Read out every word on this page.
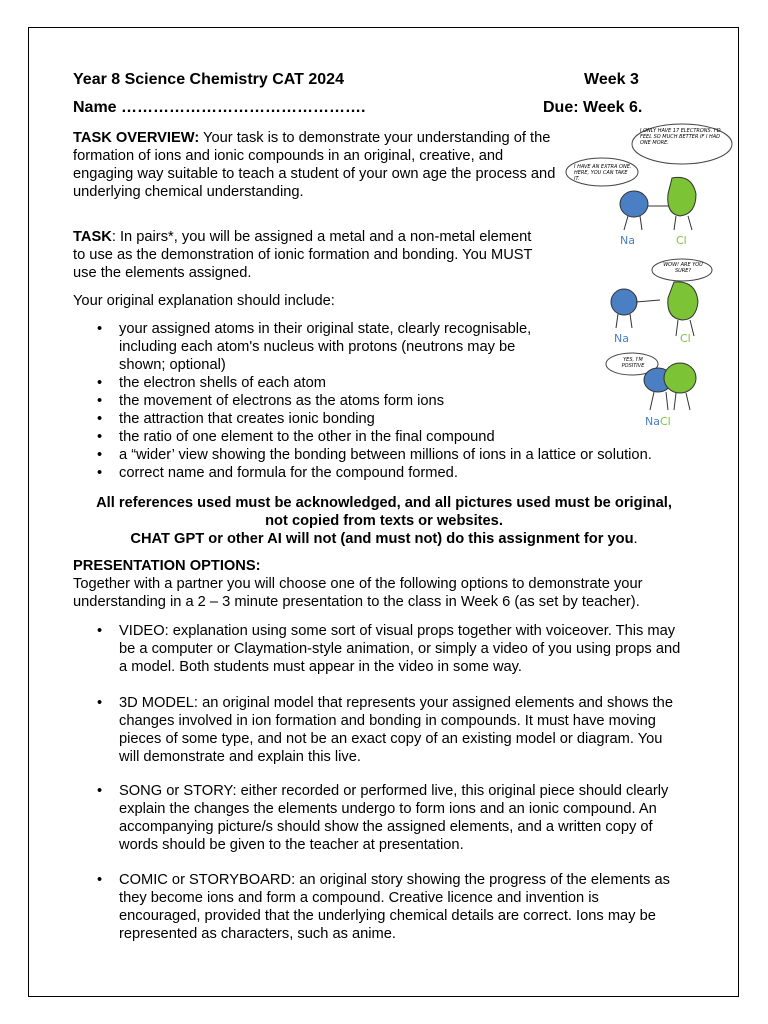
Year 8 Science Chemistry CAT 2024	Week 3
Name ……………………………………….	Due: Week 6.
TASK OVERVIEW: Your task is to demonstrate your understanding of the formation of ions and ionic compounds in an original, creative, and engaging way suitable to teach a student of your own age the process and underlying chemical understanding.
TASK: In pairs*, you will be assigned a metal and a non-metal element to use as the demonstration of ionic formation and bonding. You MUST use the elements assigned.
Your original explanation should include:
• your assigned atoms in their original state, clearly recognisable, including each atom's nucleus with protons (neutrons may be shown; optional)
• the electron shells of each atom
• the movement of electrons as the atoms form ions
• the attraction that creates ionic bonding
• the ratio of one element to the other in the final compound
• a “wider’ view showing the bonding between millions of ions in a lattice or solution.
• correct name and formula for the compound formed.
All references used must be acknowledged, and all pictures used must be original,
not copied from texts or websites.
CHAT GPT or other AI will not (and must not) do this assignment for you.
PRESENTATION OPTIONS:
Together with a partner you will choose one of the following options to demonstrate your understanding in a 2 – 3 minute presentation to the class in Week 6 (as set by teacher).
• VIDEO: explanation using some sort of visual props together with voiceover. This may be a computer or Claymation-style animation, or simply a video of you using props and a model. Both students must appear in the video in some way.
• 3D MODEL: an original model that represents your assigned elements and shows the changes involved in ion formation and bonding in compounds. It must have moving pieces of some type, and not be an exact copy of an existing model or diagram. You will demonstrate and explain this live.
• SONG or STORY: either recorded or performed live, this original piece should clearly explain the changes the elements undergo to form ions and an ionic compound. An accompanying picture/s should show the assigned elements, and a written copy of words should be given to the teacher at presentation.
• COMIC or STORYBOARD: an original story showing the progress of the elements as they become ions and form a compound. Creative licence and invention is encouraged, provided that the underlying chemical details are correct. Ions may be represented as characters, such as anime.
I ONLY HAVE 17 ELECTRONS. I'D FEEL SO MUCH BETTER IF I HAD ONE MORE.
I HAVE AN EXTRA ONE. HERE, YOU CAN TAKE IT.
Na	Cl
WOW! ARE YOU SURE?
Na	Cl
YES, I'M POSITIVE
NaCl
